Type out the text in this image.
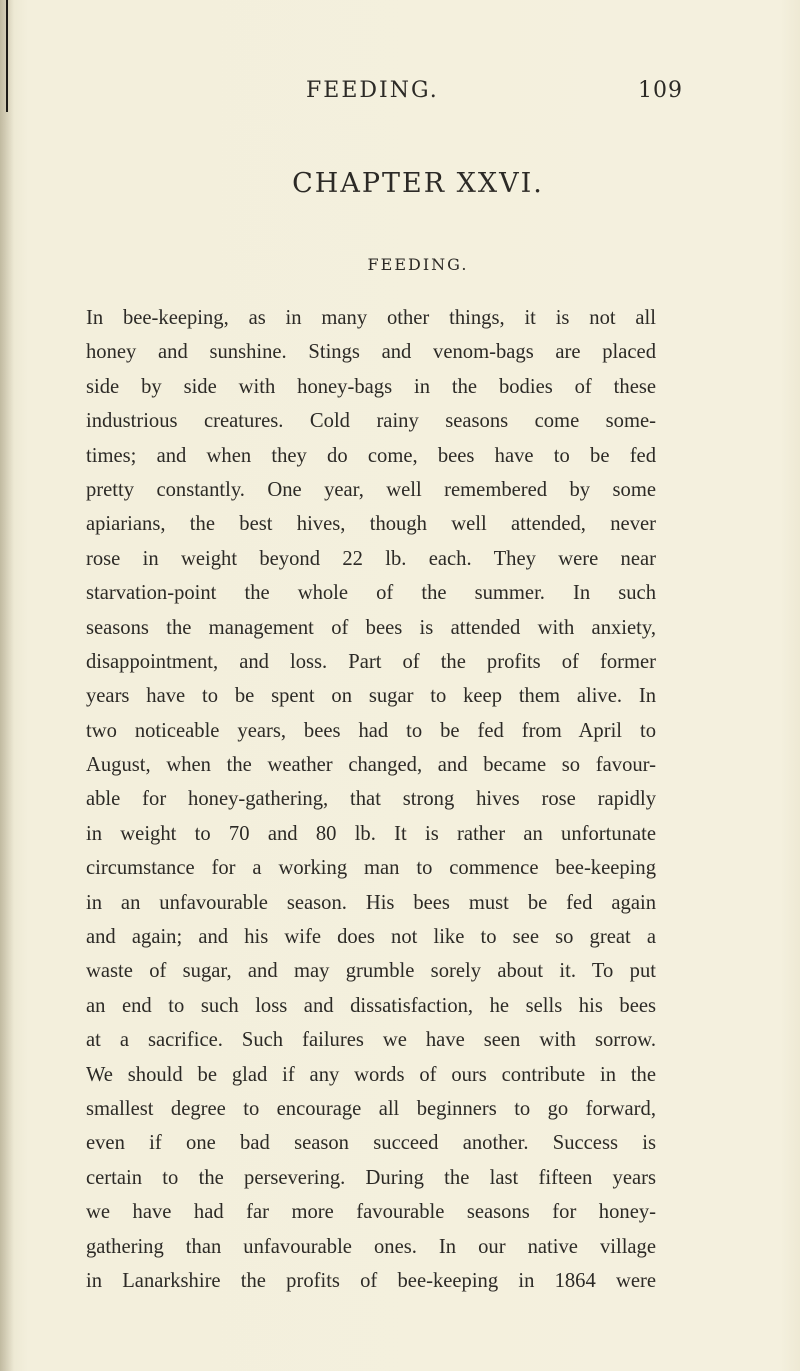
FEEDING.	109
CHAPTER XXVI.
FEEDING.
In bee-keeping, as in many other things, it is not all
honey and sunshine. Stings and venom-bags are placed
side by side with honey-bags in the bodies of these
industrious creatures. Cold rainy seasons come some-
times; and when they do come, bees have to be fed
pretty constantly. One year, well remembered by some
apiarians, the best hives, though well attended, never
rose in weight beyond 22 lb. each. They were near
starvation-point the whole of the summer. In such
seasons the management of bees is attended with anxiety,
disappointment, and loss. Part of the profits of former
years have to be spent on sugar to keep them alive. In
two noticeable years, bees had to be fed from April to
August, when the weather changed, and became so favour-
able for honey-gathering, that strong hives rose rapidly
in weight to 70 and 80 lb. It is rather an unfortunate
circumstance for a working man to commence bee-keeping
in an unfavourable season. His bees must be fed again
and again; and his wife does not like to see so great a
waste of sugar, and may grumble sorely about it. To put
an end to such loss and dissatisfaction, he sells his bees
at a sacrifice. Such failures we have seen with sorrow.
We should be glad if any words of ours contribute in the
smallest degree to encourage all beginners to go forward,
even if one bad season succeed another. Success is
certain to the persevering. During the last fifteen years
we have had far more favourable seasons for honey-
gathering than unfavourable ones. In our native village
in Lanarkshire the profits of bee-keeping in 1864 were
